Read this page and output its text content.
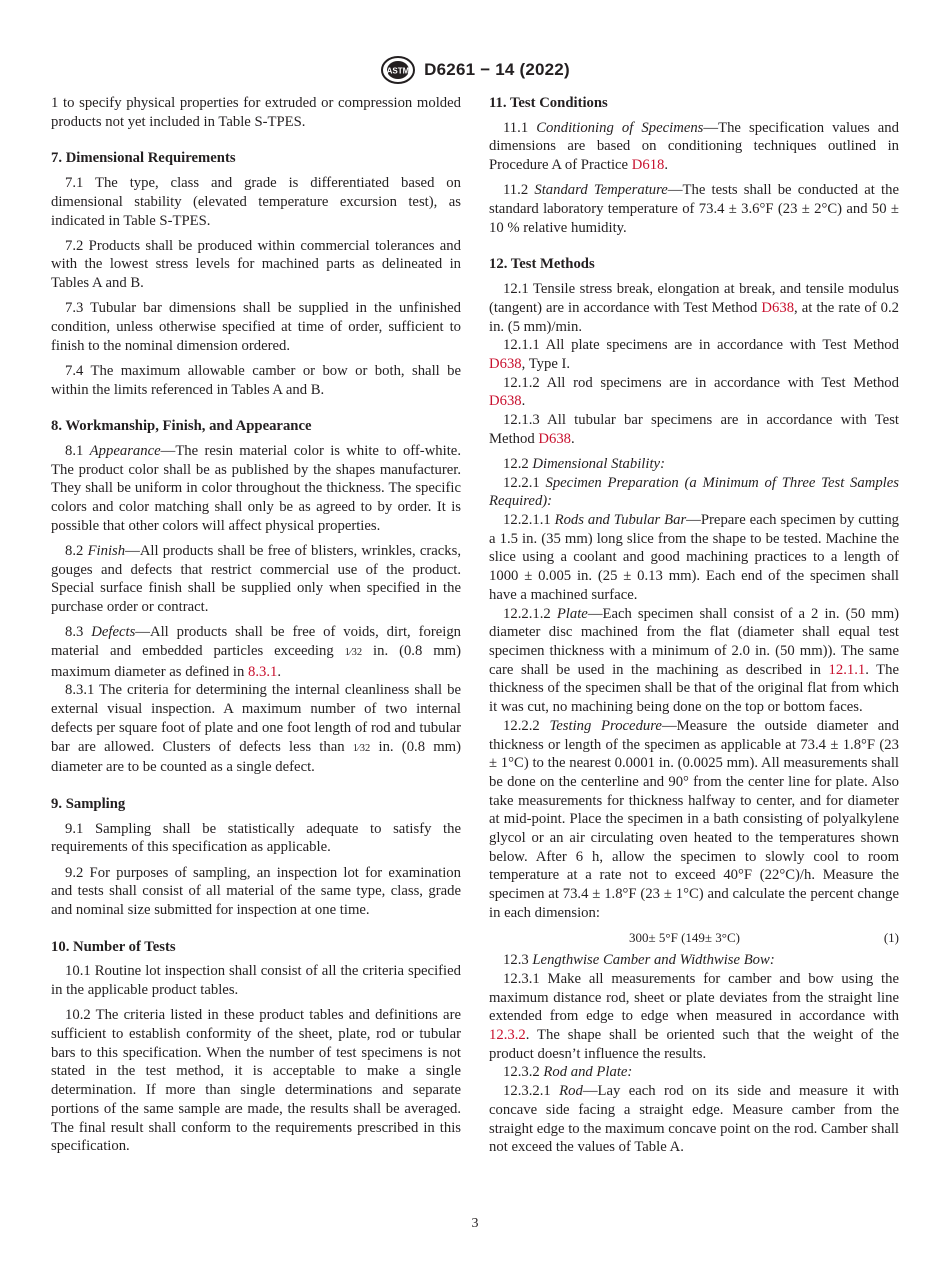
ASTM D6261 − 14 (2022)

1 to specify physical properties for extruded or compression molded products not yet included in Table S-TPES.

7. Dimensional Requirements

7.1 The type, class and grade is differentiated based on dimensional stability (elevated temperature excursion test), as indicated in Table S-TPES.

7.2 Products shall be produced within commercial tolerances and with the lowest stress levels for machined parts as delineated in Tables A and B.

7.3 Tubular bar dimensions shall be supplied in the unfinished condition, unless otherwise specified at time of order, sufficient to finish to the nominal dimension ordered.

7.4 The maximum allowable camber or bow or both, shall be within the limits referenced in Tables A and B.

8. Workmanship, Finish, and Appearance

8.1 Appearance—The resin material color is white to off-white. The product color shall be as published by the shapes manufacturer. They shall be uniform in color throughout the thickness. The specific colors and color matching shall only be as agreed to by order. It is possible that other colors will affect physical properties.

8.2 Finish—All products shall be free of blisters, wrinkles, cracks, gouges and defects that restrict commercial use of the product. Special surface finish shall be supplied only when specified in the purchase order or contract.

8.3 Defects—All products shall be free of voids, dirt, foreign material and embedded particles exceeding 1⁄32 in. (0.8 mm) maximum diameter as defined in 8.3.1.

8.3.1 The criteria for determining the internal cleanliness shall be external visual inspection. A maximum number of two internal defects per square foot of plate and one foot length of rod and tubular bar are allowed. Clusters of defects less than 1⁄32 in. (0.8 mm) diameter are to be counted as a single defect.

9. Sampling

9.1 Sampling shall be statistically adequate to satisfy the requirements of this specification as applicable.

9.2 For purposes of sampling, an inspection lot for examination and tests shall consist of all material of the same type, class, grade and nominal size submitted for inspection at one time.

10. Number of Tests

10.1 Routine lot inspection shall consist of all the criteria specified in the applicable product tables.

10.2 The criteria listed in these product tables and definitions are sufficient to establish conformity of the sheet, plate, rod or tubular bars to this specification. When the number of test specimens is not stated in the test method, it is acceptable to make a single determination. If more than single determinations and separate portions of the same sample are made, the results shall be averaged. The final result shall conform to the requirements prescribed in this specification.

11. Test Conditions

11.1 Conditioning of Specimens—The specification values and dimensions are based on conditioning techniques outlined in Procedure A of Practice D618.

11.2 Standard Temperature—The tests shall be conducted at the standard laboratory temperature of 73.4 ± 3.6°F (23 ± 2°C) and 50 ± 10 % relative humidity.

12. Test Methods

12.1 Tensile stress break, elongation at break, and tensile modulus (tangent) are in accordance with Test Method D638, at the rate of 0.2 in. (5 mm)/min.

12.1.1 All plate specimens are in accordance with Test Method D638, Type I.

12.1.2 All rod specimens are in accordance with Test Method D638.

12.1.3 All tubular bar specimens are in accordance with Test Method D638.

12.2 Dimensional Stability:

12.2.1 Specimen Preparation (a Minimum of Three Test Samples Required):

12.2.1.1 Rods and Tubular Bar—Prepare each specimen by cutting a 1.5 in. (35 mm) long slice from the shape to be tested. Machine the slice using a coolant and good machining practices to a length of 1000 ± 0.005 in. (25 ± 0.13 mm). Each end of the specimen shall have a machined surface.

12.2.1.2 Plate—Each specimen shall consist of a 2 in. (50 mm) diameter disc machined from the flat (diameter shall equal test specimen thickness with a minimum of 2.0 in. (50 mm)). The same care shall be used in the machining as described in 12.1.1. The thickness of the specimen shall be that of the original flat from which it was cut, no machining being done on the top or bottom faces.

12.2.2 Testing Procedure—Measure the outside diameter and thickness or length of the specimen as applicable at 73.4 ± 1.8°F (23 ± 1°C) to the nearest 0.0001 in. (0.0025 mm). All measurements shall be done on the centerline and 90° from the center line for plate. Also take measurements for thickness halfway to center, and for diameter at mid-point. Place the specimen in a bath consisting of polyalkylene glycol or an air circulating oven heated to the temperatures shown below. After 6 h, allow the specimen to slowly cool to room temperature at a rate not to exceed 40°F (22°C)/h. Measure the specimen at 73.4 ± 1.8°F (23 ± 1°C) and calculate the percent change in each dimension:

300± 5°F (149± 3°C)	(1)

12.3 Lengthwise Camber and Widthwise Bow:

12.3.1 Make all measurements for camber and bow using the maximum distance rod, sheet or plate deviates from the straight line extended from edge to edge when measured in accordance with 12.3.2. The shape shall be oriented such that the weight of the product doesn’t influence the results.

12.3.2 Rod and Plate:

12.3.2.1 Rod—Lay each rod on its side and measure it with concave side facing a straight edge. Measure camber from the straight edge to the maximum concave point on the rod. Camber shall not exceed the values of Table A.

3
